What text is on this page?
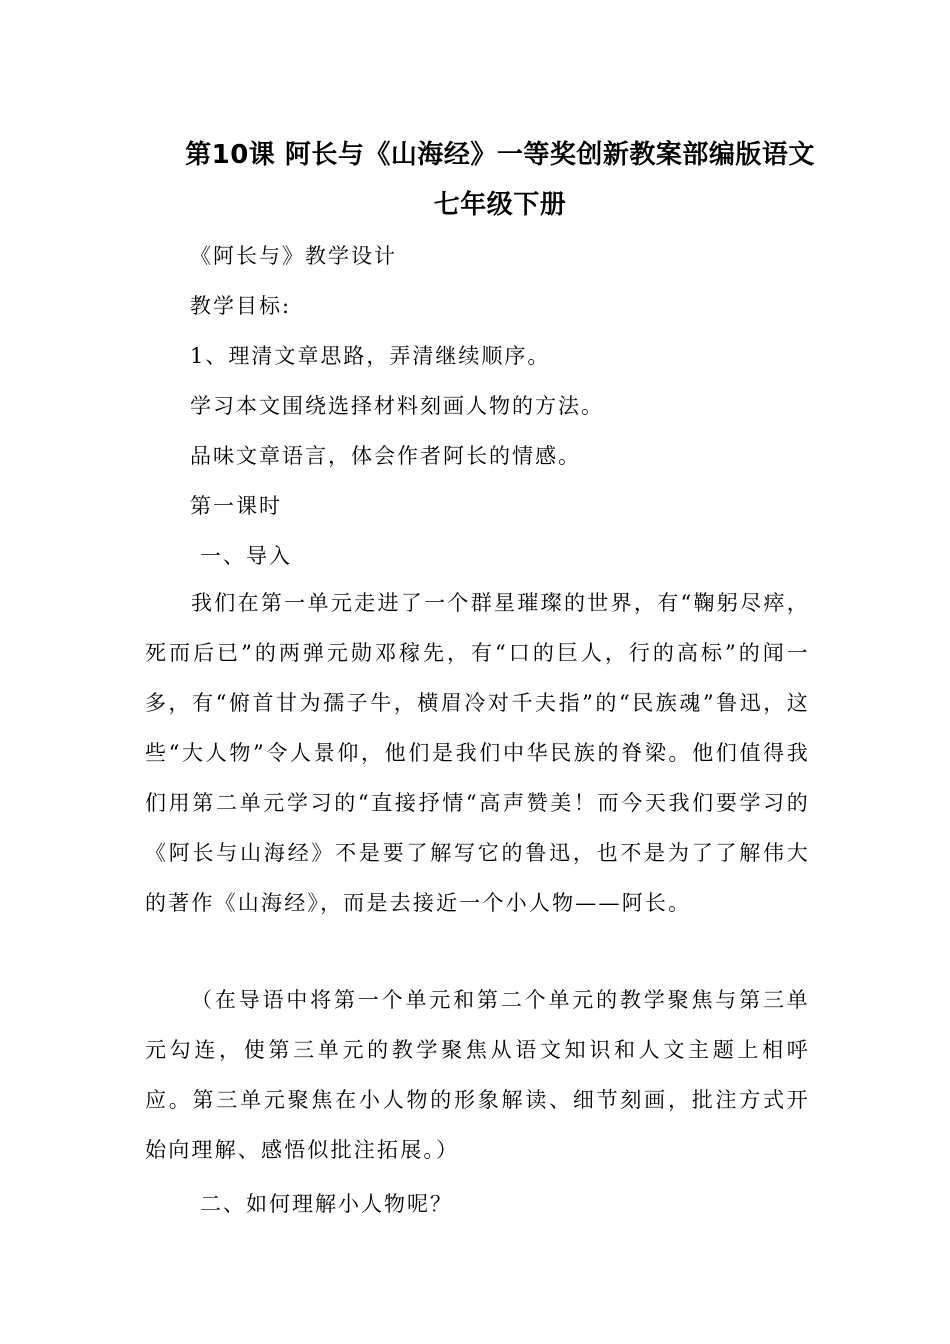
第10课 阿长与《山海经》一等奖创新教案部编版语文
七年级下册
《阿长与》教学设计
教学目标:
1、理清文章思路，弄清继续顺序。
学习本文围绕选择材料刻画人物的方法。
品味文章语言，体会作者阿长的情感。
第一课时
一、导入
我们在第一单元走进了一个群星璀璨的世界，有“鞠躬尽瘁，死而后已”的两弹元勋邓稼先，有“口的巨人，行的高标”的闻一多，有“俯首甘为孺子牛，横眉冷对千夫指”的“民族魂”鲁迅，这些“大人物”令人景仰，他们是我们中华民族的脊梁。他们值得我们用第二单元学习的“直接抒情“高声赞美！而今天我们要学习的《阿长与山海经》不是要了解写它的鲁迅，也不是为了了解伟大的著作《山海经》，而是去接近一个小人物——阿长。
（在导语中将第一个单元和第二个单元的教学聚焦与第三单元勾连，使第三单元的教学聚焦从语文知识和人文主题上相呼应。第三单元聚焦在小人物的形象解读、细节刻画，批注方式开始向理解、感悟似批注拓展。）
二、如何理解小人物呢？
